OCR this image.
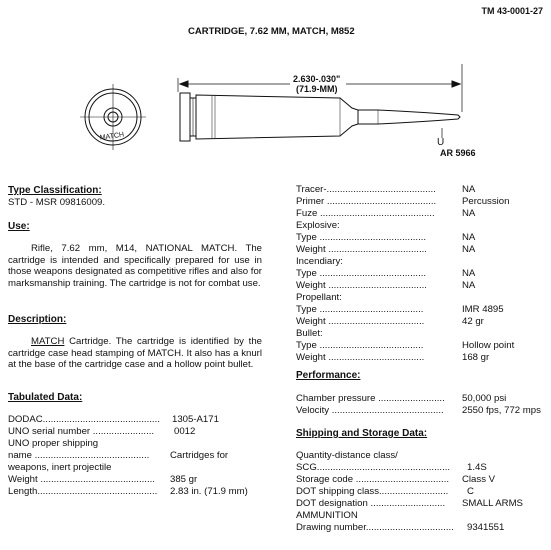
TM 43-0001-27
CARTRIDGE, 7.62 MM, MATCH, M852
MATCH
2.630-.030"
(71.9-MM)
U
AR 5966
Type Classification:
STD - MSR 09816009.
Use:
Rifle, 7.62 mm, M14, NATIONAL MATCH. The cartridge is intended and specifically prepared for use in those weapons designated as competitive rifles and also for marksmanship training. The cartridge is not for combat use.
Description:
MATCH Cartridge. The cartridge is identified by the cartridge case head stamping of MATCH. It also has a knurl at the base of the cartridge case and a hollow point bullet.
Tabulated Data:
DODAC............................................ 1305-A171
UNO serial number ....................... 0012
UNO proper shipping
name ........................................... Cartridges for
weapons, inert projectile
Weight ........................................... 385 gr
Length............................................. 2.83 in. (71.9 mm)
Tracer-.........................................	NA
Primer .........................................	Percussion
Fuze ...........................................	NA
Explosive:
Type ........................................	NA
Weight .....................................	NA
Incendiary:
Type ........................................	NA
Weight .....................................	NA
Propellant:
Type .......................................	IMR 4895
Weight ....................................	42 gr
Bullet:
Type .......................................	Hollow point
Weight ....................................	168 gr
Performance:
Chamber pressure ......................... 50,000 psi
Velocity .......................................... 2550 fps, 772 mps
Shipping and Storage Data:
Quantity-distance class/
SCG.................................................. 1.4S
Storage code ................................... Class V
DOT shipping class.......................... C
DOT designation ............................ SMALL ARMS
AMMUNITION
Drawing number................................. 9341551
